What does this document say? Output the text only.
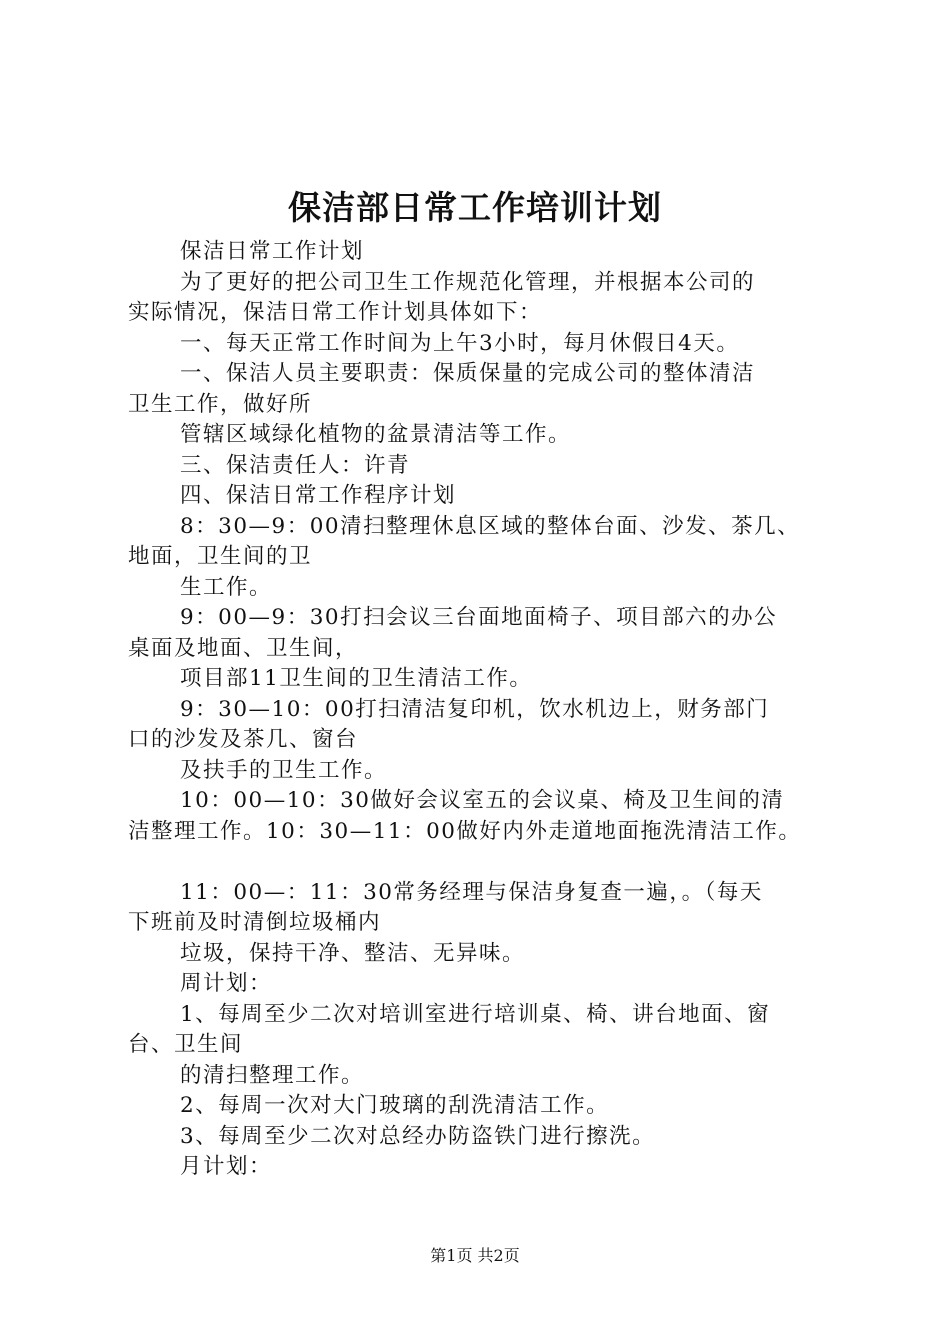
保洁部日常工作培训计划
保洁日常工作计划
为了更好的把公司卫生工作规范化管理，并根据本公司的
实际情况，保洁日常工作计划具体如下：
一、每天正常工作时间为上午3小时，每月休假日4天。
一、保洁人员主要职责：保质保量的完成公司的整体清洁
卫生工作，做好所
管辖区域绿化植物的盆景清洁等工作。
三、保洁责任人：许青
四、保洁日常工作程序计划
8：30—9：00清扫整理休息区域的整体台面、沙发、茶几、
地面，卫生间的卫
生工作。
9：00—9：30打扫会议三台面地面椅子、项目部六的办公
桌面及地面、卫生间，
项目部11卫生间的卫生清洁工作。
9：30—10：00打扫清洁复印机，饮水机边上，财务部门
口的沙发及茶几、窗台
及扶手的卫生工作。
10：00—10：30做好会议室五的会议桌、椅及卫生间的清
洁整理工作。10：30—11：00做好内外走道地面拖洗清洁工作。
11：00—：11：30常务经理与保洁身复查一遍，。（每天
下班前及时清倒垃圾桶内
垃圾，保持干净、整洁、无异味。
周计划：
1、每周至少二次对培训室进行培训桌、椅、讲台地面、窗
台、卫生间
的清扫整理工作。
2、每周一次对大门玻璃的刮洗清洁工作。
3、每周至少二次对总经办防盗铁门进行擦洗。
月计划：
第1页 共2页
